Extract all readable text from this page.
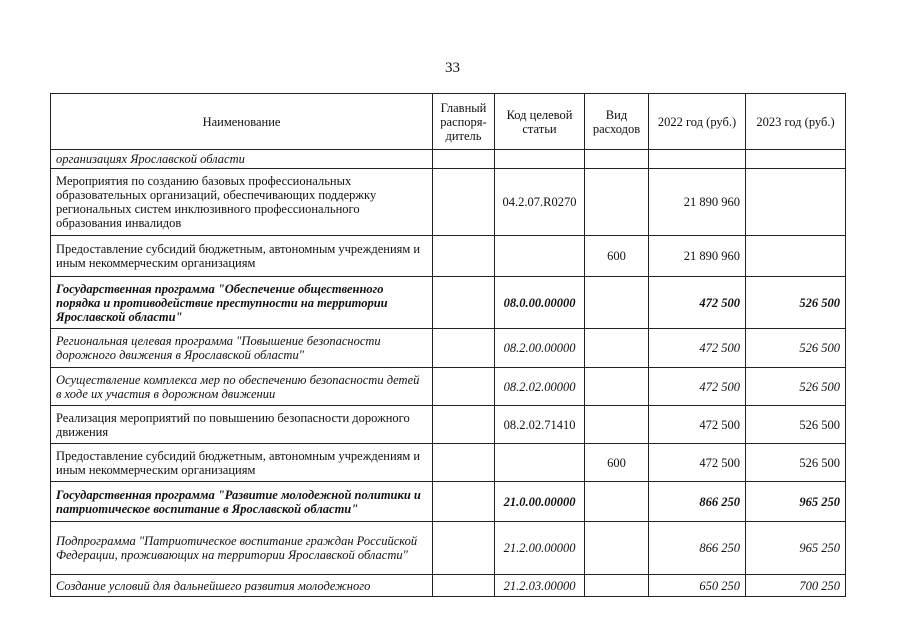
33
Наименование	Главный распоря-дитель	Код целевой статьи	Вид расходов	2022 год (руб.)	2023 год (руб.)
организациях Ярославской области					
Мероприятия по созданию базовых профессиональных образовательных организаций, обеспечивающих поддержку региональных систем инклюзивного профессионального образования инвалидов		04.2.07.R0270		21 890 960	
Предоставление субсидий бюджетным, автономным учреждениям и иным некоммерческим организациям			600	21 890 960	
Государственная программа "Обеспечение общественного порядка и противодействие преступности на территории Ярославской области"		08.0.00.00000		472 500	526 500
Региональная целевая программа "Повышение безопасности дорожного движения в Ярославской области"		08.2.00.00000		472 500	526 500
Осуществление комплекса мер по обеспечению безопасности детей в ходе их участия в дорожном движении		08.2.02.00000		472 500	526 500
Реализация мероприятий по повышению безопасности дорожного движения		08.2.02.71410		472 500	526 500
Предоставление субсидий бюджетным, автономным учреждениям и иным некоммерческим организациям			600	472 500	526 500
Государственная программа "Развитие молодежной политики и патриотическое воспитание в Ярославской области"		21.0.00.00000		866 250	965 250
Подпрограмма "Патриотическое воспитание граждан Российской Федерации, проживающих на территории Ярославской области"		21.2.00.00000		866 250	965 250
Создание условий для дальнейшего развития молодежного		21.2.03.00000		650 250	700 250
